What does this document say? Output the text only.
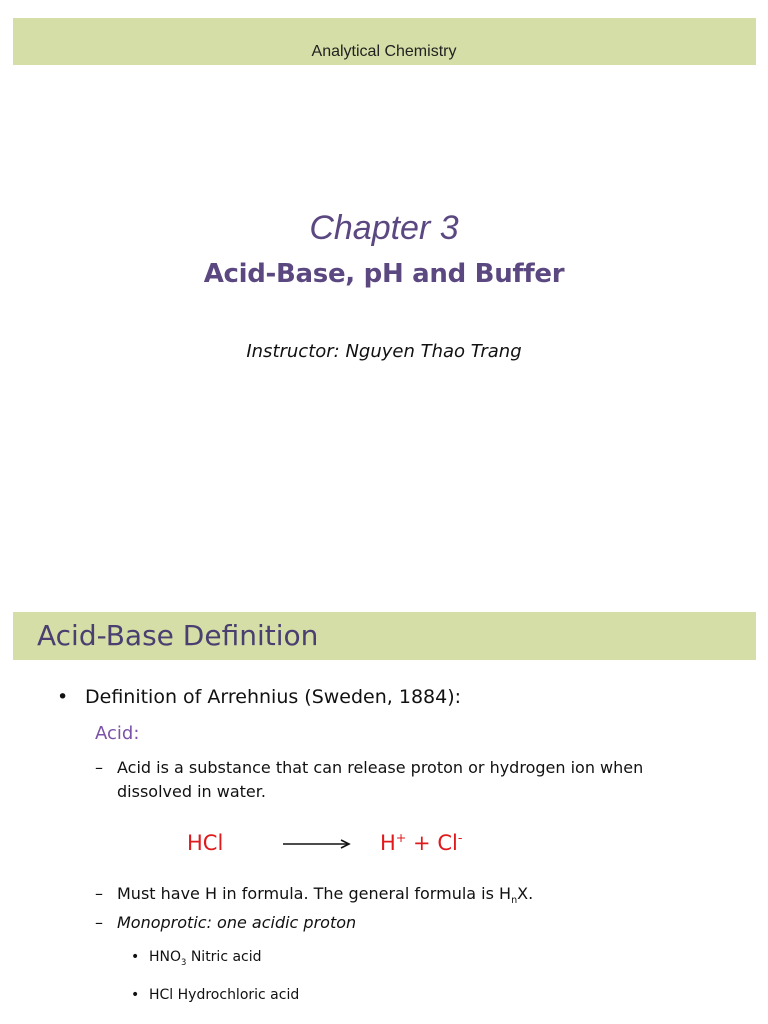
Analytical Chemistry
Chapter 3
Acid-Base, pH and Buffer
Instructor: Nguyen Thao Trang
Acid-Base Definition
• Definition of Arrehnius (Sweden, 1884):
Acid:
– Acid is a substance that can release proton or hydrogen ion when
dissolved in water.
HCl	H+ + Cl-
– Must have H in formula. The general formula is $H_nX$.
– Monoprotic: one acidic proton
• $HNO_3$ Nitric acid
• HCl Hydrochloric acid
